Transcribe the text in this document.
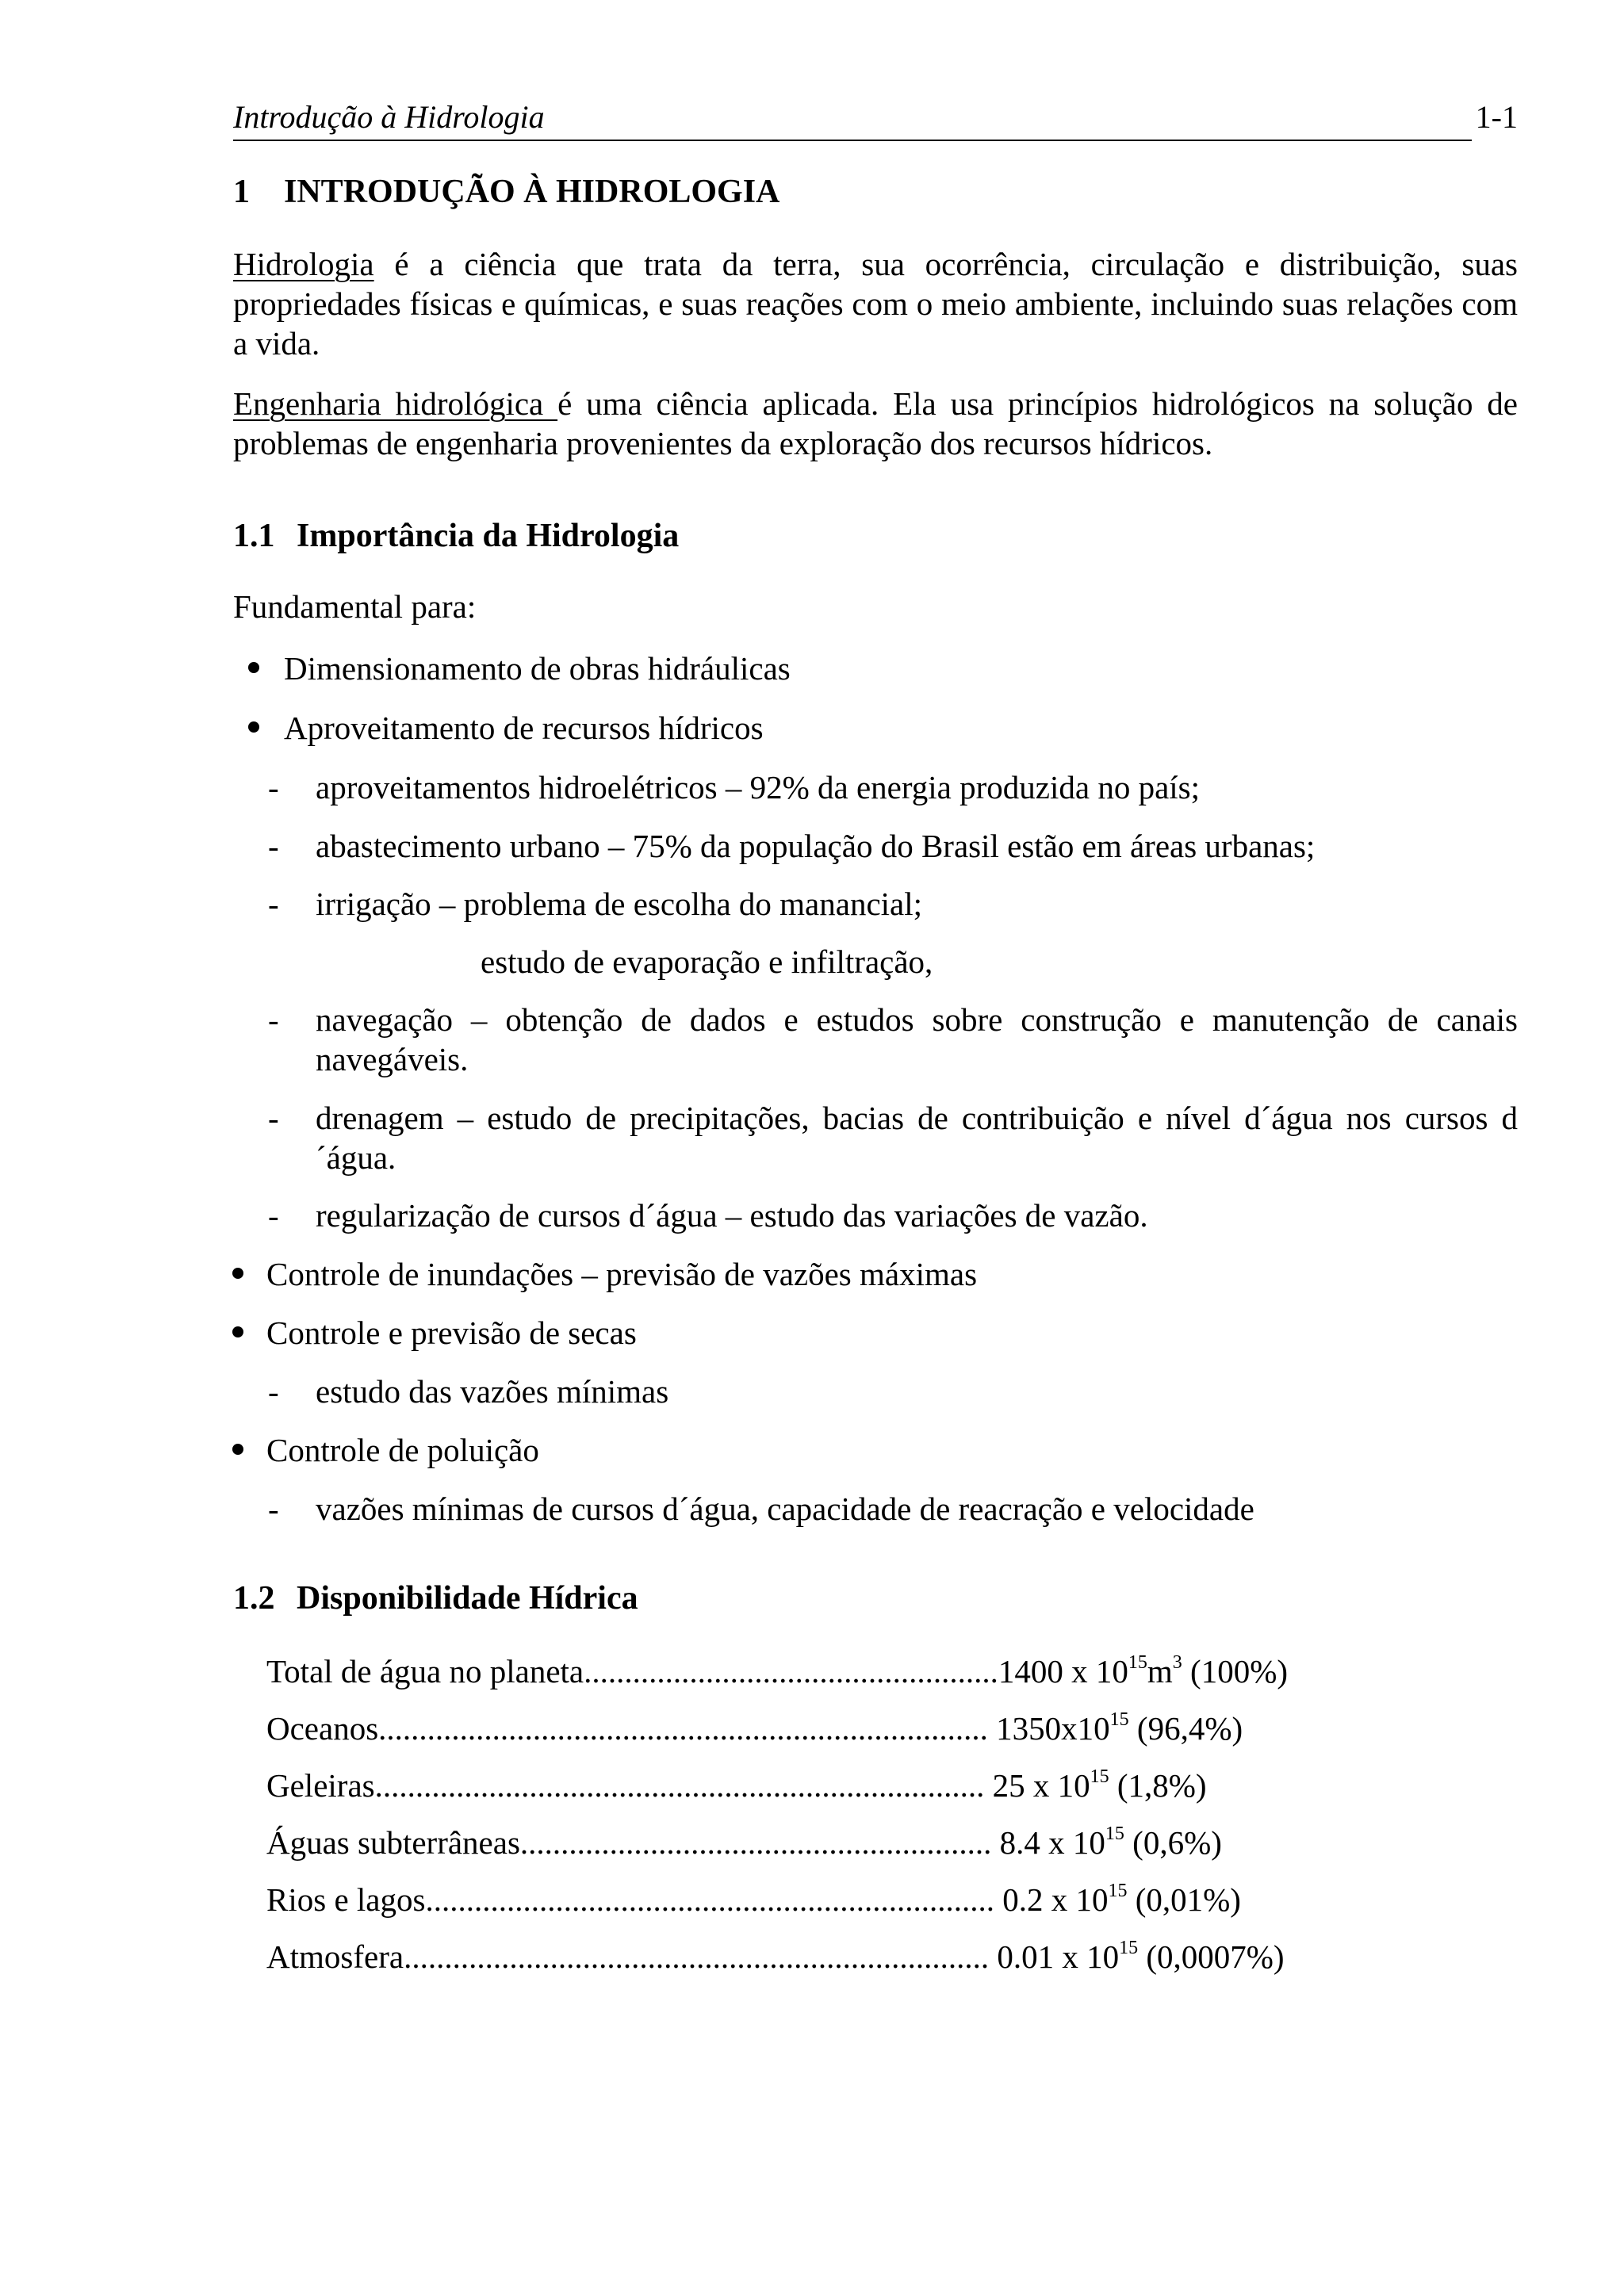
Introdução à Hidrologia	1-1
1 INTRODUÇÃO À HIDROLOGIA
Hidrologia é a ciência que trata da terra, sua ocorrência, circulação e distribuição, suas propriedades físicas e químicas, e suas reações com o meio ambiente, incluindo suas relações com a vida.
Engenharia hidrológica é uma ciência aplicada. Ela usa princípios hidrológicos na solução de problemas de engenharia provenientes da exploração dos recursos hídricos.
1.1 Importância da Hidrologia
Fundamental para:
Dimensionamento de obras hidráulicas
Aproveitamento de recursos hídricos
- aproveitamentos hidroelétricos – 92% da energia produzida no país;
- abastecimento urbano – 75% da população do Brasil estão em áreas urbanas;
- irrigação – problema de escolha do manancial;
estudo de evaporação e infiltração,
- navegação – obtenção de dados e estudos sobre construção e manutenção de canais navegáveis.
- drenagem – estudo de precipitações, bacias de contribuição e nível d´água nos cursos d´água.
- regularização de cursos d´água – estudo das variações de vazão.
Controle de inundações – previsão de vazões máximas
Controle e previsão de secas
- estudo das vazões mínimas
Controle de poluição
- vazões mínimas de cursos d´água, capacidade de reacração e velocidade
1.2 Disponibilidade Hídrica
Total de água no planeta...................................................1400 x $10^{15}m^3$ (100%)
Oceanos........................................................................... $1350x10^{15}$ (96,4%)
Geleiras........................................................................... 25 x $10^{15}$ (1,8%)
Águas subterrâneas.......................................................... 8.4 x $10^{15}$ (0,6%)
Rios e lagos...................................................................... 0.2 x $10^{15}$ (0,01%)
Atmosfera........................................................................ 0.01 x $10^{15}$ (0,0007%)
